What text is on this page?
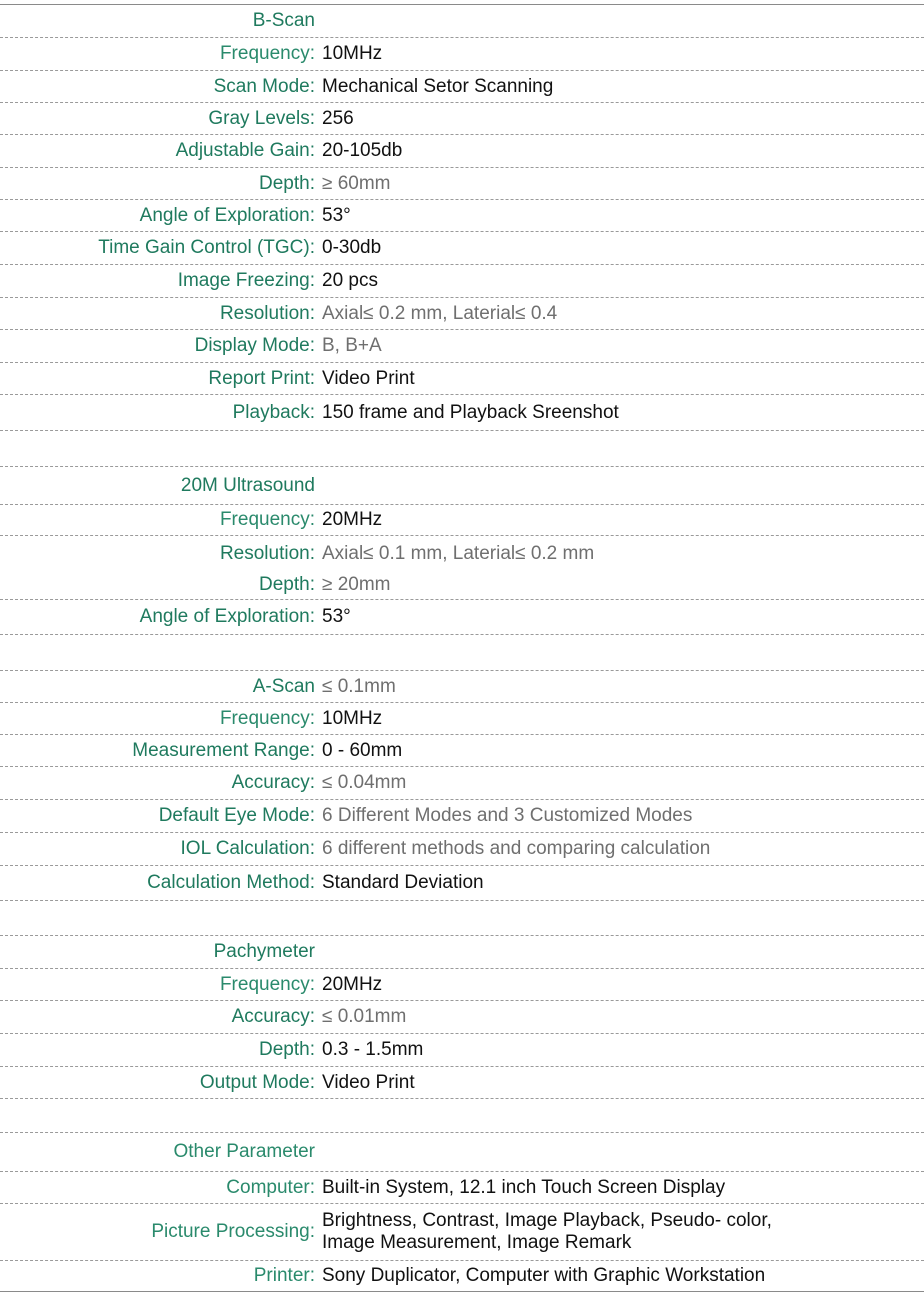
B-Scan
Frequency: 10MHz
Scan Mode: Mechanical Setor Scanning
Gray Levels: 256
Adjustable Gain: 20-105db
Depth: ≥ 60mm
Angle of Exploration: 53°
Time Gain Control (TGC): 0-30db
Image Freezing: 20 pcs
Resolution: Axial≤ 0.2 mm, Laterial≤ 0.4
Display Mode: B, B+A
Report Print: Video Print
Playback: 150 frame and Playback Sreenshot
20M Ultrasound
Frequency: 20MHz
Resolution: Axial≤ 0.1 mm, Laterial≤ 0.2 mm
Depth: ≥ 20mm
Angle of Exploration: 53°
A-Scan ≤ 0.1mm
Frequency: 10MHz
Measurement Range: 0 - 60mm
Accuracy: ≤ 0.04mm
Default Eye Mode: 6 Different Modes and 3 Customized Modes
IOL Calculation: 6 different methods and comparing calculation
Calculation Method: Standard Deviation
Pachymeter
Frequency: 20MHz
Accuracy: ≤ 0.01mm
Depth: 0.3 - 1.5mm
Output Mode: Video Print
Other Parameter
Computer: Built-in System, 12.1 inch Touch Screen Display
Picture Processing:
Brightness, Contrast, Image Playback, Pseudo- color,
Image Measurement, Image Remark
Printer: Sony Duplicator, Computer with Graphic Workstation
